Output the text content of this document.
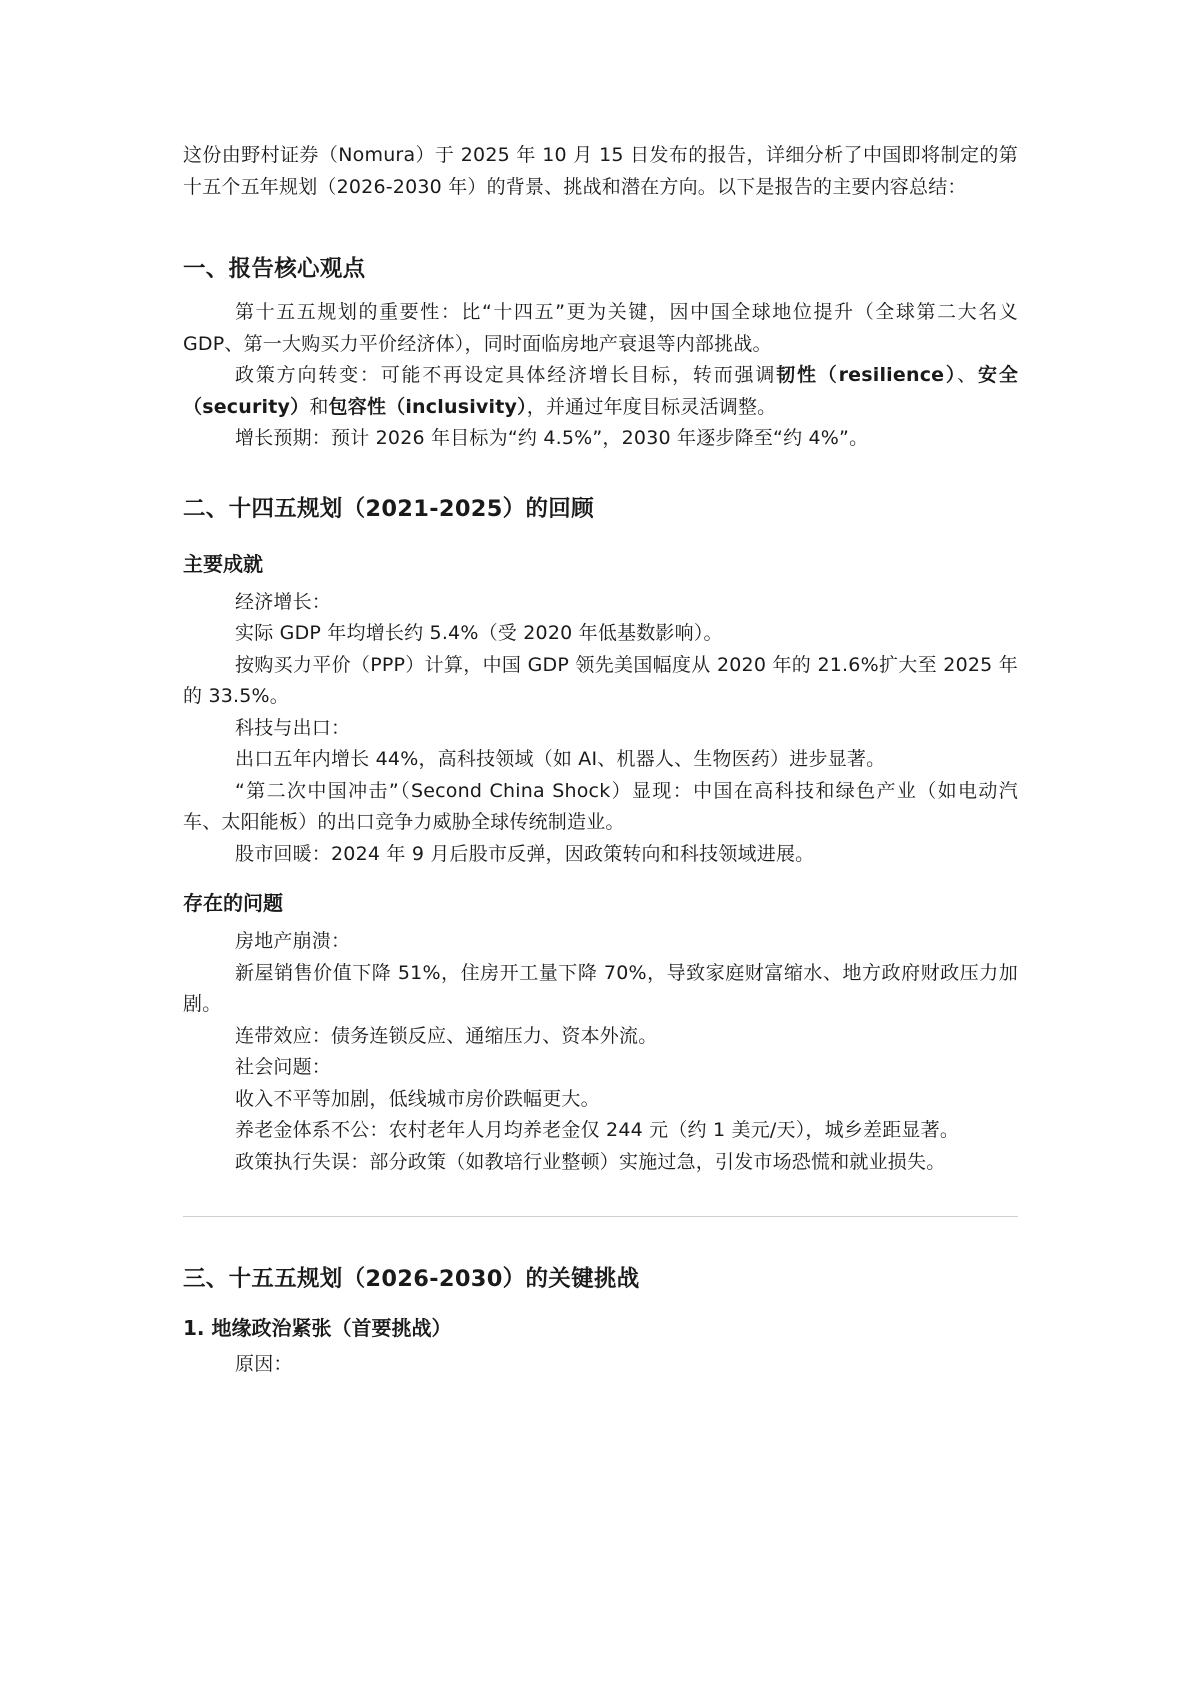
这份由野村证券（Nomura）于 2025 年 10 月 15 日发布的报告，详细分析了中国即将制定的第十五个五年规划（2026-2030 年）的背景、挑战和潜在方向。以下是报告的主要内容总结：

一、报告核心观点

第十五五规划的重要性：比“十四五”更为关键，因中国全球地位提升（全球第二大名义 GDP、第一大购买力平价经济体），同时面临房地产衰退等内部挑战。

政策方向转变：可能不再设定具体经济增长目标，转而强调韧性（resilience）、安全（security）和包容性（inclusivity），并通过年度目标灵活调整。

增长预期：预计 2026 年目标为“约 4.5%”，2030 年逐步降至“约 4%”。

二、十四五规划（2021-2025）的回顾
主要成就

经济增长：

实际 GDP 年均增长约 5.4%（受 2020 年低基数影响）。

按购买力平价（PPP）计算，中国 GDP 领先美国幅度从 2020 年的 21.6%扩大至 2025 年的 33.5%。

科技与出口：

出口五年内增长 44%，高科技领域（如 AI、机器人、生物医药）进步显著。

“第二次中国冲击”（Second China Shock）显现：中国在高科技和绿色产业（如电动汽车、太阳能板）的出口竞争力威胁全球传统制造业。

股市回暖：2024 年 9 月后股市反弹，因政策转向和科技领域进展。

存在的问题

房地产崩溃：

新屋销售价值下降 51%，住房开工量下降 70%，导致家庭财富缩水、地方政府财政压力加剧。

连带效应：债务连锁反应、通缩压力、资本外流。

社会问题：

收入不平等加剧，低线城市房价跌幅更大。

养老金体系不公：农村老年人月均养老金仅 244 元（约 1 美元/天），城乡差距显著。

政策执行失误：部分政策（如教培行业整顿）实施过急，引发市场恐慌和就业损失。

三、十五五规划（2026-2030）的关键挑战
1. 地缘政治紧张（首要挑战）

原因：
